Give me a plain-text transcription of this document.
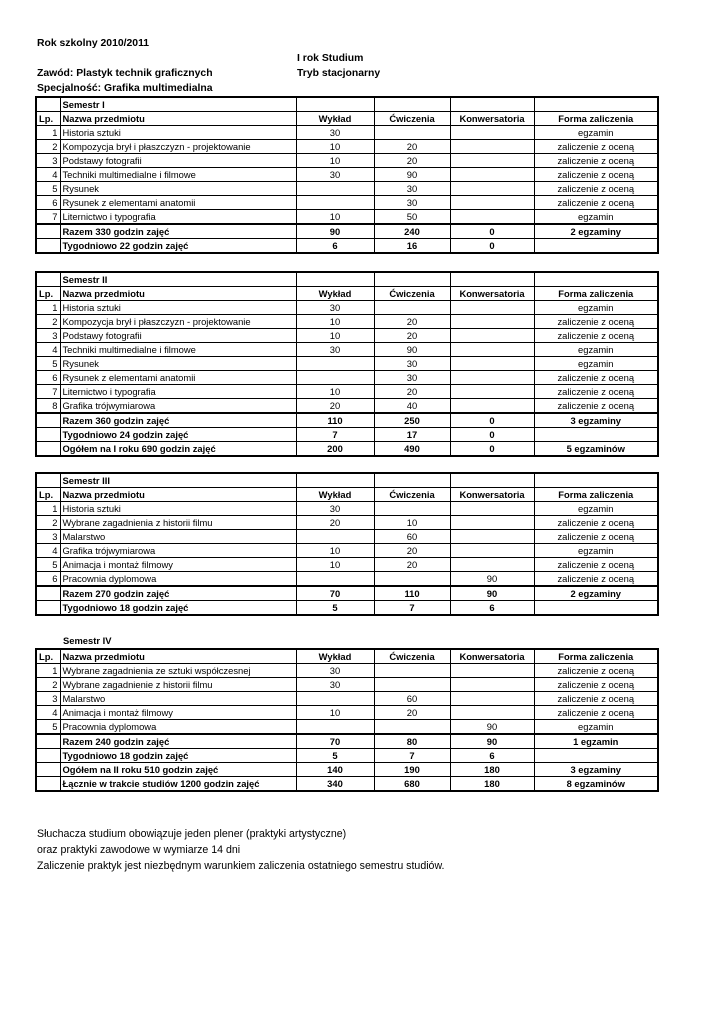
Rok szkolny 2010/2011
I rok Studium
Zawód: Plastyk technik graficznych	Tryb stacjonarny
Specjalność: Grafika multimedialna
	Semestr I				
Lp.	Nazwa przedmiotu	Wykład	Ćwiczenia	Konwersatoria	Forma zaliczenia
1	Historia sztuki	30			egzamin
2	Kompozycja brył i płaszczyzn - projektowanie	10	20		zaliczenie z oceną
3	Podstawy fotografii	10	20		zaliczenie z oceną
4	Techniki multimedialne i filmowe	30	90		zaliczenie z oceną
5	Rysunek		30		zaliczenie z oceną
6	Rysunek z elementami anatomii		30		zaliczenie z oceną
7	Liternictwo i typografia	10	50		egzamin
	Razem 330 godzin zajęć	90	240	0	2 egzaminy
	Tygodniowo 22 godzin zajęć	6	16	0	
	Semestr II				
Lp.	Nazwa przedmiotu	Wykład	Ćwiczenia	Konwersatoria	Forma zaliczenia
1	Historia sztuki	30			egzamin
2	Kompozycja brył i płaszczyzn - projektowanie	10	20		zaliczenie z oceną
3	Podstawy fotografii	10	20		zaliczenie z oceną
4	Techniki multimedialne i filmowe	30	90		egzamin
5	Rysunek		30		egzamin
6	Rysunek z elementami anatomii		30		zaliczenie z oceną
7	Liternictwo i typografia	10	20		zaliczenie z oceną
8	Grafika trójwymiarowa	20	40		zaliczenie z oceną
	Razem 360 godzin zajęć	110	250	0	3 egzaminy
	Tygodniowo 24 godzin zajęć	7	17	0	
	Ogółem na I roku 690 godzin zajęć	200	490	0	5 egzaminów
	Semestr III				
Lp.	Nazwa przedmiotu	Wykład	Ćwiczenia	Konwersatoria	Forma zaliczenia
1	Historia sztuki	30			egzamin
2	Wybrane zagadnienia z historii filmu	20	10		zaliczenie z oceną
3	Malarstwo		60		zaliczenie z oceną
4	Grafika trójwymiarowa	10	20		egzamin
5	Animacja i montaż filmowy	10	20		zaliczenie z oceną
6	Pracownia dyplomowa			90	zaliczenie z oceną
	Razem 270 godzin zajęć	70	110	90	2 egzaminy
	Tygodniowo 18 godzin zajęć	5	7	6	
Semestr IV
Lp.	Nazwa przedmiotu	Wykład	Ćwiczenia	Konwersatoria	Forma zaliczenia
1	Wybrane zagadnienia ze sztuki współczesnej	30			zaliczenie z oceną
2	Wybrane zagadnienie z historii filmu	30			zaliczenie z oceną
3	Malarstwo		60		zaliczenie z oceną
4	Animacja i montaż filmowy	10	20		zaliczenie z oceną
5	Pracownia dyplomowa			90	egzamin
	Razem 240 godzin zajęć	70	80	90	1 egzamin
	Tygodniowo 18 godzin zajęć	5	7	6	
	Ogółem na II roku 510 godzin zajęć	140	190	180	3 egzaminy
	Łącznie w trakcie studiów 1200 godzin zajęć	340	680	180	8 egzaminów
Słuchacza studium obowiązuje jeden plener (praktyki artystyczne)
oraz praktyki zawodowe w wymiarze 14 dni
Zaliczenie praktyk jest niezbędnym warunkiem zaliczenia ostatniego semestru studiów.
